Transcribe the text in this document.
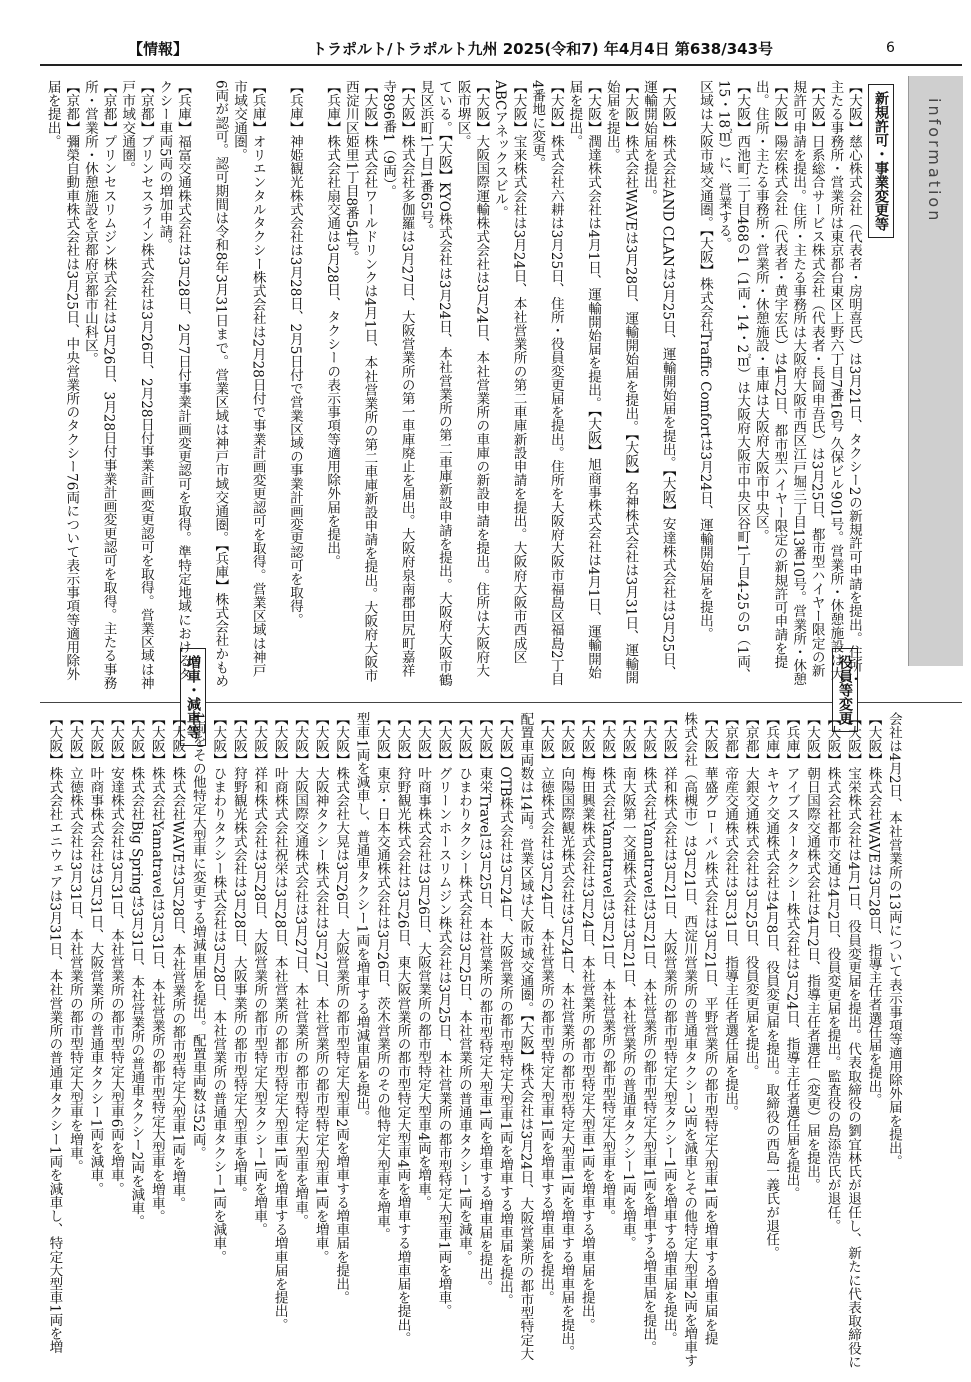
【情報】	トラポルト/トラポルト九州 2025(令和7) 年4月4日 第638/343号	6
information
新規許可・事業変更等
役員等変更
増車・減車等
【大阪】慈心株式会社（代表者・房明喜氏）は3月21日、タクシー2の新規許可申請を提出。住所・主たる事務所・営業所は東京都台東区上野六丁目7番16号 久保ビル901号。営業所・休憩施設は大
【大阪】日系総合サービス株式会社（代表者・長岡申吾氏）は3月25日、都市型ハイヤー限定の新規許可申請を提出。住所・主たる事務所は大阪府大阪市西区江戸堀三丁目13番10号。営業所・休憩
【大阪】陽宏株式会社（代表者・黄宇宏氏）は4月2日、都市型ハイヤー限定の新規許可申請を提出。住所・主たる事務所・営業所・休憩施設・車庫は大阪府大阪市中央区。
【大阪】西池町二丁目468の1（1両・14・2㎡）は大阪府大阪市中央区谷町1丁目4-25の5（1両、15・18㎡）に、営業する。
区域は大阪市域交通圏。【大阪】株式会社Traffic Comfortは3月24日、運輸開始届を提出。
【大阪】株式会社AND CLANは3月25日、運輸開始届を提出。【大阪】安達株式会社は3月25日、運輸開始届を提出。
【大阪】株式会社WAVEは3月28日、運輸開始届を提出。【大阪】名神株式会社は3月31日、運輸開始届を提出。
【大阪】潤達株式会社は4月1日、運輸開始届を提出。【大阪】旭商事株式会社は4月1日、運輸開始届を提出。
【大阪】株式会社六耕は3月25日、住所・役員変更届を提出。住所を大阪府大阪市福島区福島2丁目4番地に変更。
【大阪】宝来株式会社は3月24日、本社営業所の第二車庫新設申請を提出。大阪府大阪市西成区ABCアネックスビル。
【大阪】大阪国際運輸株式会社は3月24日、本社営業所の車庫の新設申請を提出。住所は大阪府大阪市堺区。
ている。【大阪】KYO株式会社は3月24日、本社営業所の第二車庫新設申請を提出。大阪府大阪市鶴見区浜町1丁目1番65号。
【大阪】株式会社多伽羅は3月27日、大阪営業所の第一車庫廃止を届出。大阪府泉南郡田尻町嘉祥寺896番1（9両）。
【大阪】株式会社ワールドリンクは4月1日、本社営業所の第二車庫新設申請を提出。大阪府大阪市西淀川区姫里1丁目8番54号。
【兵庫】株式会社扇交通は3月28日、タクシーの表示事項等適用除外届を提出。
【兵庫】神姫観光株式会社は3月28日、2月5日付で営業区域の事業計画変更認可を取得。
【兵庫】オリエンタルタクシー株式会社は2月28日付で事業計画変更認可を取得。営業区域は神戸市域交通圏。
6両が認可。認可期間は令和8年3月31日まで。営業区域は神戸市域交通圏。【兵庫】株式会社かもめ
【兵庫】福富交通株式会社は3月28日、2月7日付事業計画変更認可を取得。準特定地域におけるタクシー車両5両の増加申請。
【京都】プリンセスライン株式会社は3月26日、2月28日付事業計画変更認可を取得。営業区域は神戸市域交通圏。
【京都】プリンセスリムジン株式会社は3月26日、3月28日付事業計画変更認可を取得。主たる事務所・営業所・休憩施設を京都府京都市山科区。
【京都】彌榮自動車株式会社は3月25日、中央営業所のタクシー76両について表示事項等適用除外届を提出。
会社は4月2日、本社営業所の13両について表示事項等適用除外届を提出。
【大阪】株式会社WAVEは3月28日、指導主任者選任届を提出。
【大阪】宝栄株式会社は4月1日、役員変更届を提出。代表取締役の劉宜林氏が退任し、新たに代表取締役に
【大阪】株式会社都市交通は4月2日、役員変更届を提出。監査役の島添浩氏が退任。
【大阪】朝日国際交通株式会社は4月2日、指導主任者選任（変更）届を提出。
【兵庫】アイブスタータクシー株式会社は3月24日、指導主任者選任届を提出。
【兵庫】キヤク交通株式会社は4月8日、役員変更届を提出。取締役の西島一義氏が退任。
【京都】大銀交通株式会社は3月25日、役員変更届を提出。
【京都】帝産交通株式会社は3月31日、指導主任者選任届を提出。
【大阪】華盛グローバル株式会社は3月21日、平野営業所の都市型特定大型車1両を増車する増車届を提
株式会社（高槻市）は3月21日、西淀川営業所の普通車タクシー3両を減車とその他特定大型車2両を増車す
【大阪】祥和株式会社は3月21日、大阪営業所の都市型特定大型タクシー1両を増車する増車届を提出。
【大阪】株式会社Yamatravelは3月21日、本社営業所の都市型特定大型車1両を増車する増車届を提出。
【大阪】南大阪第一交通株式会社は3月21日、本社営業所の普通車タクシー1両を増車。
【大阪】株式会社Yamatravelは3月21日、本社営業所の都市型特定大型車を増車。
【大阪】梅田興業株式会社は3月24日、本社営業所の都市型特定大型車1両を増車する増車届を提出。
【大阪】向陽国際観光株式会社は3月24日、本社営業所の都市型特定大型車1両を増車する増車届を提出。
【大阪】立徳株式会社は3月24日、本社営業所の都市型特定大型車1両を増車する増車届を提出。
配置車両数は14両。営業区域は大阪市域交通圏。【大阪】株式会社は3月24日、大阪営業所の都市型特定大
【大阪】OTB株式会社は3月24日、大阪営業所の都市型特定大型車1両を増車する増車届を提出。
【大阪】東栄Travelは3月25日、本社営業所の都市型特定大型車1両を増車する増車届を提出。
【大阪】ひまわりタクシー株式会社は3月25日、本社営業所の普通車タクシー1両を減車。
【大阪】グリーンホースリムジン株式会社は3月25日、本社営業所の都市型特定大型車1両を増車。
【大阪】叶商事株式会社は3月26日、大阪営業所の都市型特定大型車4両を増車。
【大阪】狩野観光株式会社は3月26日、東大阪営業所の都市型特定大型車4両を増車する増車届を提出。
【大阪】東京・日本交通株式会社は3月26日、茨木営業所のその他特定大型車を増車。
型車1両を減車し、普通車タクシー1両を増車する増減車届を提出。
【大阪】株式会社大晃は3月26日、大阪営業所の都市型特定大型車2両を増車する増車届を提出。
【大阪】大阪神タクシー株式会社は3月27日、本社営業所の都市型特定大型車1両を増車。
【大阪】大阪国際交通株式会社は3月27日、本社営業所の都市型特定大型車を増車。
【大阪】叶商株式会社祝栄は3月28日、本社営業所の都市型特定大型車1両を増車する増車届を提出。
【大阪】祥和株式会社は3月28日、大阪営業所の都市型特定大型タクシー1両を増車。
【大阪】狩野観光株式会社は3月28日、大阪事業所の都市型特定大型車を増車。
【大阪】ひまわりタクシー株式会社は3月28日、本社営業所の普通車タクシー1両を減車。
1両をその他特定大型車に変更する増減車届を提出。配置車両数は52両。
【大阪】株式会社WAVEは3月28日、本社営業所の都市型特定大型車1両を増車。
【大阪】株式会社Yamatravelは3月31日、本社営業所の都市型特定大型車を増車。
【大阪】株式会社Big Springは3月31日、本社営業所の普通車タクシー2両を減車。
【大阪】安達株式会社は3月31日、本社営業所の都市型特定大型車6両を増車。
【大阪】叶商事株式会社は3月31日、大阪営業所の普通車タクシー1両を減車。
【大阪】立徳株式会社は3月31日、本社営業所の都市型特定大型車を増車。
【大阪】株式会社エニウェアは3月31日、本社営業所の普通車タクシー1両を減車し、特定大型車1両を増
